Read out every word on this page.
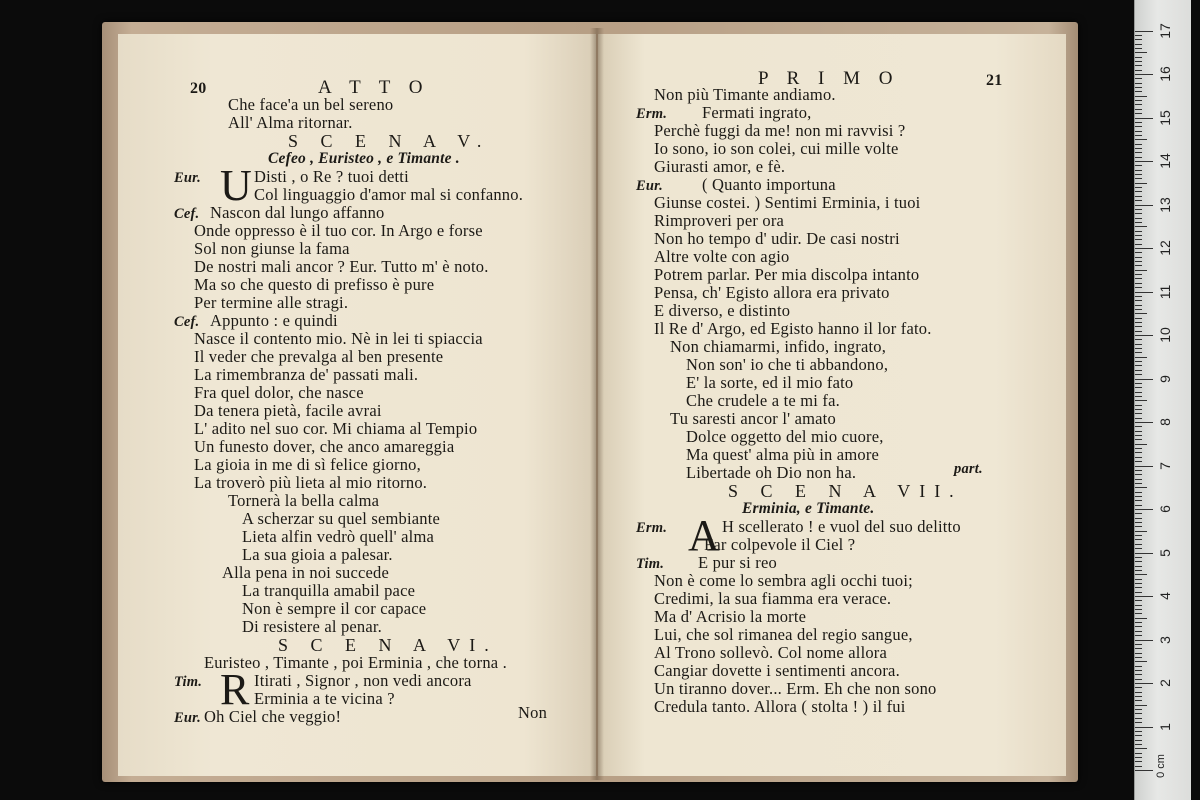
20	A T T O
Che face'a un bel sereno
All' Alma ritornar.
S C E N A V.
Cefeo , Euristeo , e Timante .
Eur. U Disti , o Re ? tuoi detti
Col linguaggio d'amor mal si confanno.
Cef. Nascon dal lungo affanno
Onde oppresso è il tuo cor. In Argo e forse
Sol non giunse la fama
De nostri mali ancor ? Eur. Tutto m' è noto.
Ma so che questo di prefisso è pure
Per termine alle stragi.
Cef. Appunto : e quindi
Nasce il contento mio. Nè in lei ti spiaccia
Il veder che prevalga al ben presente
La rimembranza de' passati mali.
Fra quel dolor, che nasce
Da tenera pietà, facile avrai
L' adito nel suo cor. Mi chiama al Tempio
Un funesto dover, che anco amareggia
La gioia in me di sì felice giorno,
La troverò più lieta al mio ritorno.
Tornerà la bella calma
A scherzar su quel sembiante
Lieta alfin vedrò quell' alma
La sua gioia a palesar.
Alla pena in noi succede
La tranquilla amabil pace
Non è sempre il cor capace
Di resistere al penar.
S C E N A VI.
Euristeo , Timante , poi Erminia , che torna .
Tim. R Itirati , Signor , non vedi ancora
Erminia a te vicina ?
Eur. Oh Ciel che veggio!	Non
P R I M O	21
Non più Timante andiamo.
Erm. Fermati ingrato,
Perchè fuggi da me! non mi ravvisi ?
Io sono, io son colei, cui mille volte
Giurasti amor, e fè.
Eur. ( Quanto importuna
Giunse costei. ) Sentimi Erminia, i tuoi
Rimproveri per ora
Non ho tempo d' udir. De casi nostri
Altre volte con agio
Potrem parlar. Per mia discolpa intanto
Pensa, ch' Egisto allora era privato
E diverso, e distinto
Il Re d' Argo, ed Egisto hanno il lor fato.
Non chiamarmi, infido, ingrato,
Non son' io che ti abbandono,
E' la sorte, ed il mio fato
Che crudele a te mi fa.
Tu saresti ancor l' amato
Dolce oggetto del mio cuore,
Ma quest' alma più in amore
Libertade oh Dio non ha.
S C E N A VII.
Erminia, e Timante.
Erm. A H scellerato ! e vuol del suo delitto
Far colpevole il Ciel ?
Tim. E pur si reo
Non è come lo sembra agli occhi tuoi;
Credimi, la sua fiamma era verace.
Ma d' Acrisio la morte
Lui, che sol rimanea del regio sangue,
Al Trono sollevò. Col nome allora
Cangiar dovette i sentimenti ancora.
Un tiranno dover... Erm. Eh che non sono
Credula tanto. Allora ( stolta ! ) il fui
part.
0 cm
1
2
3
4
5
6
7
8
9
10
11
12
13
14
15
16
17
